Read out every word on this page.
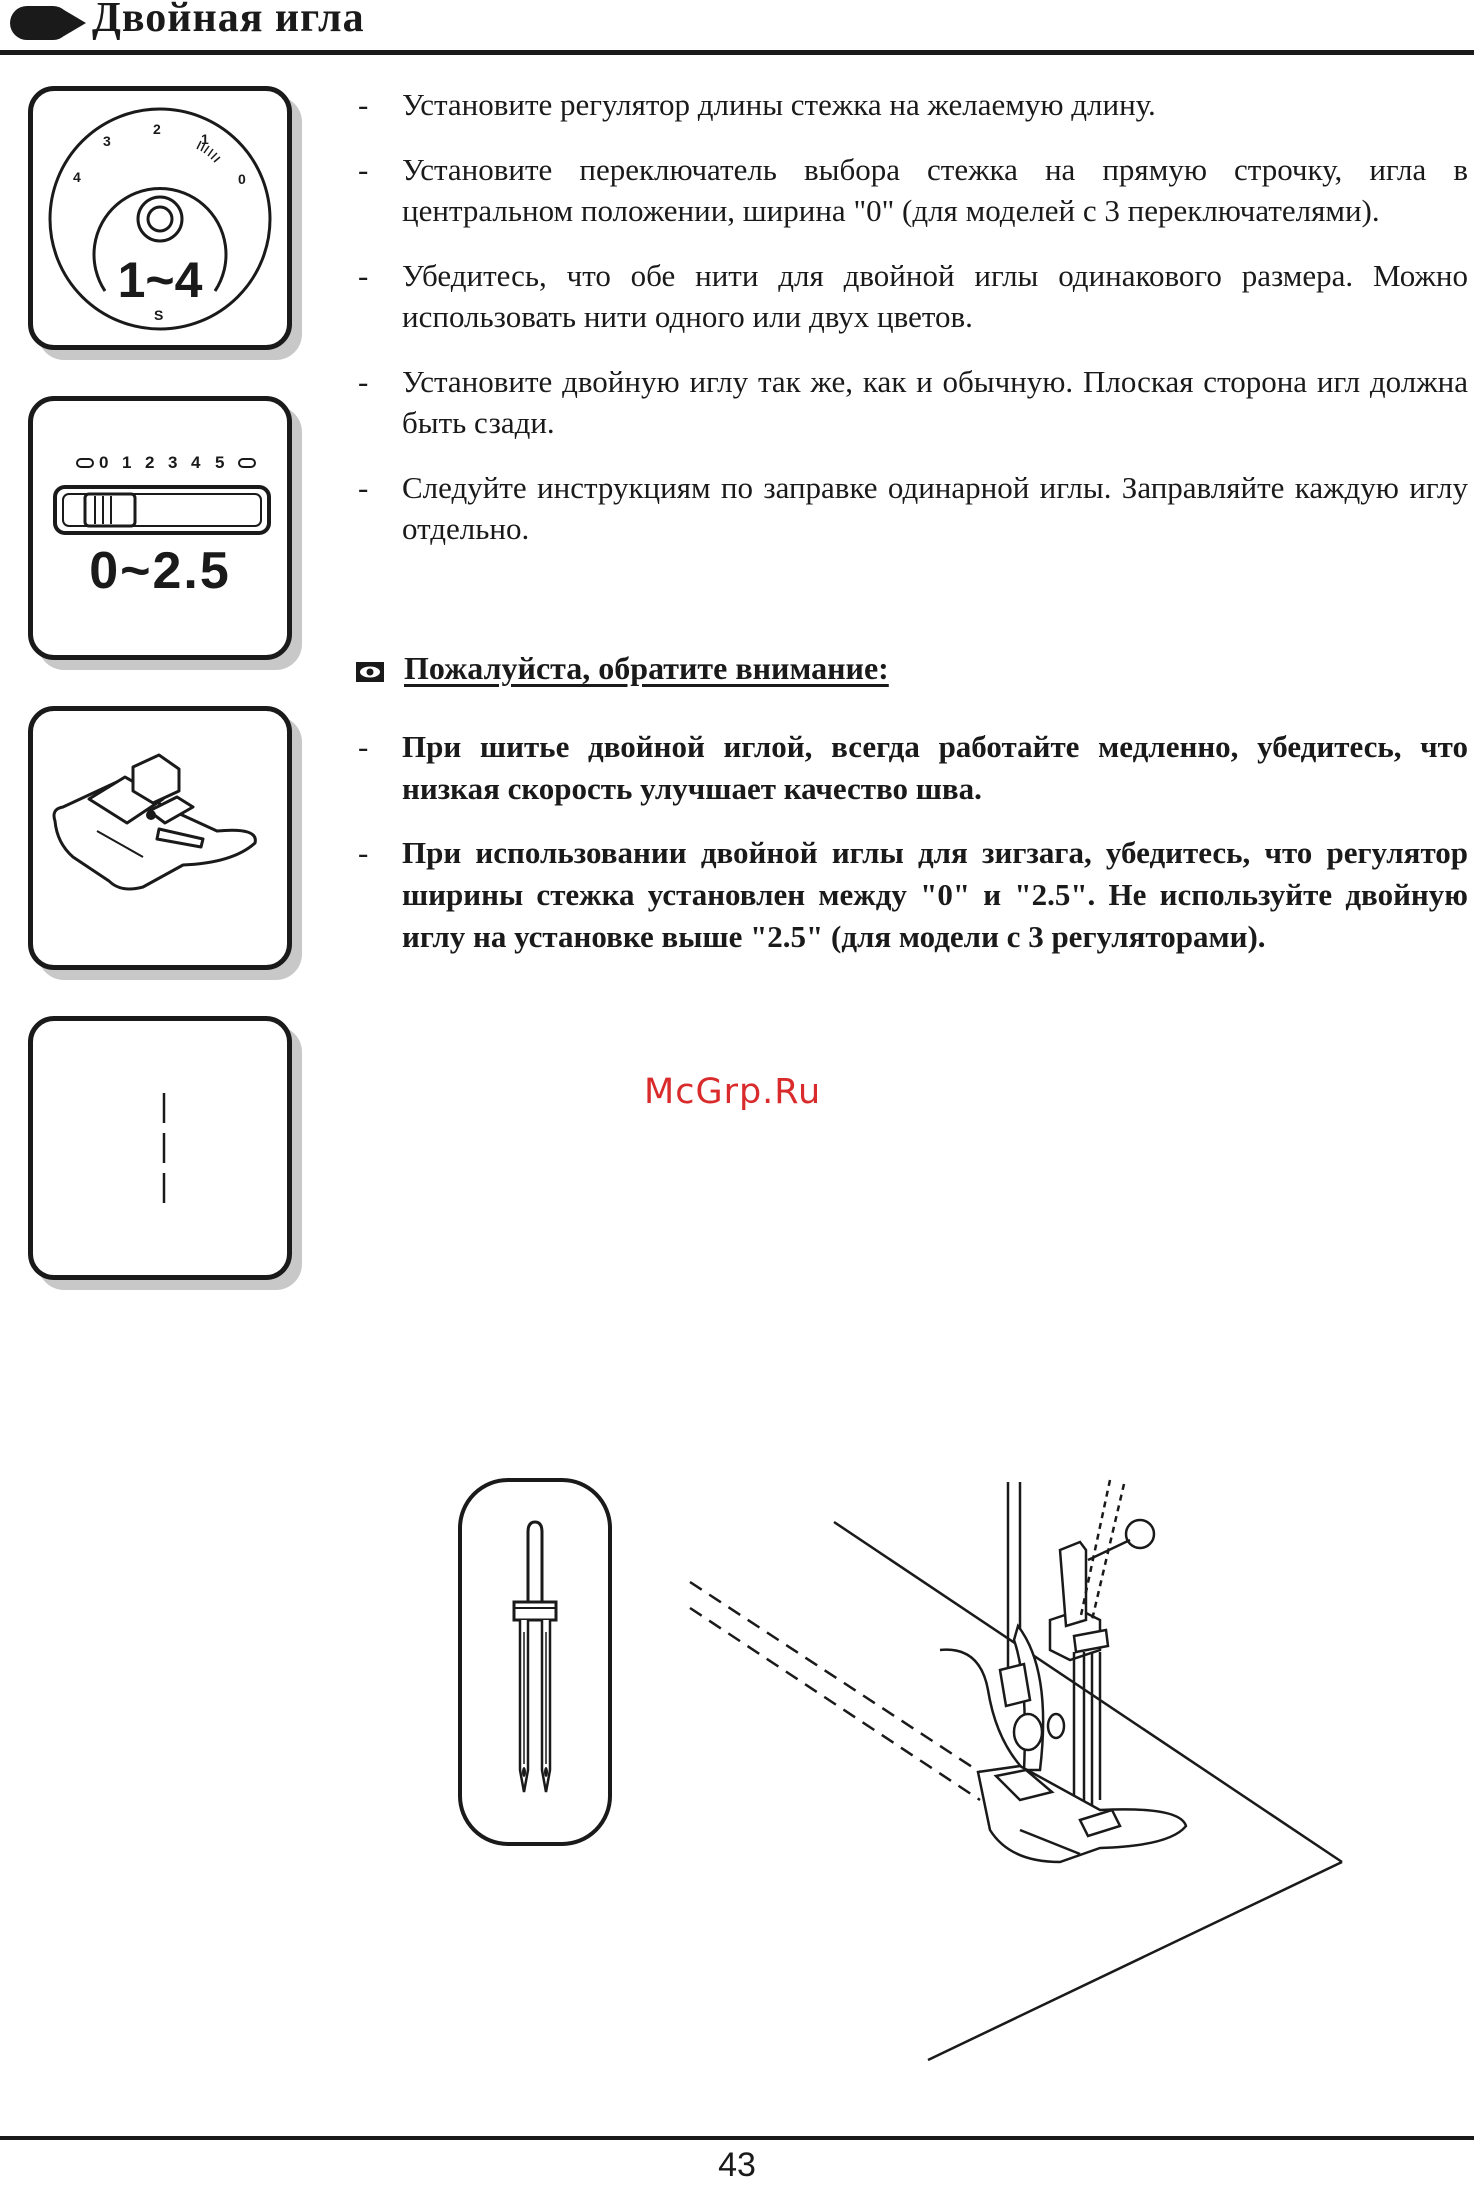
Двойная игла
4
3
2
1
0
1~4
S
0 1 2 3 4 5
0~2.5
- Установите регулятор длины стежка на желаемую длину.
- Установите переключатель выбора стежка на прямую строчку, игла в центральном положении, ширина "0" (для моделей с 3 переключателями).
- Убедитесь, что обе нити для двойной иглы одинакового размера. Можно использовать нити одного или двух цветов.
- Установите двойную иглу так же, как и обычную. Плоская сторона игл должна быть сзади.
- Следуйте инструкциям по заправке одинарной иглы. Заправляйте каждую иглу отдельно.
Пожалуйста, обратите внимание:
- При шитье двойной иглой, всегда работайте медленно, убедитесь, что низкая скорость улучшает качество шва.
- При использовании двойной иглы для зигзага, убедитесь, что регулятор ширины стежка установлен между "0" и "2.5". Не используйте двойную иглу на установке выше "2.5" (для модели с 3 регуляторами).
McGrp.Ru
43
